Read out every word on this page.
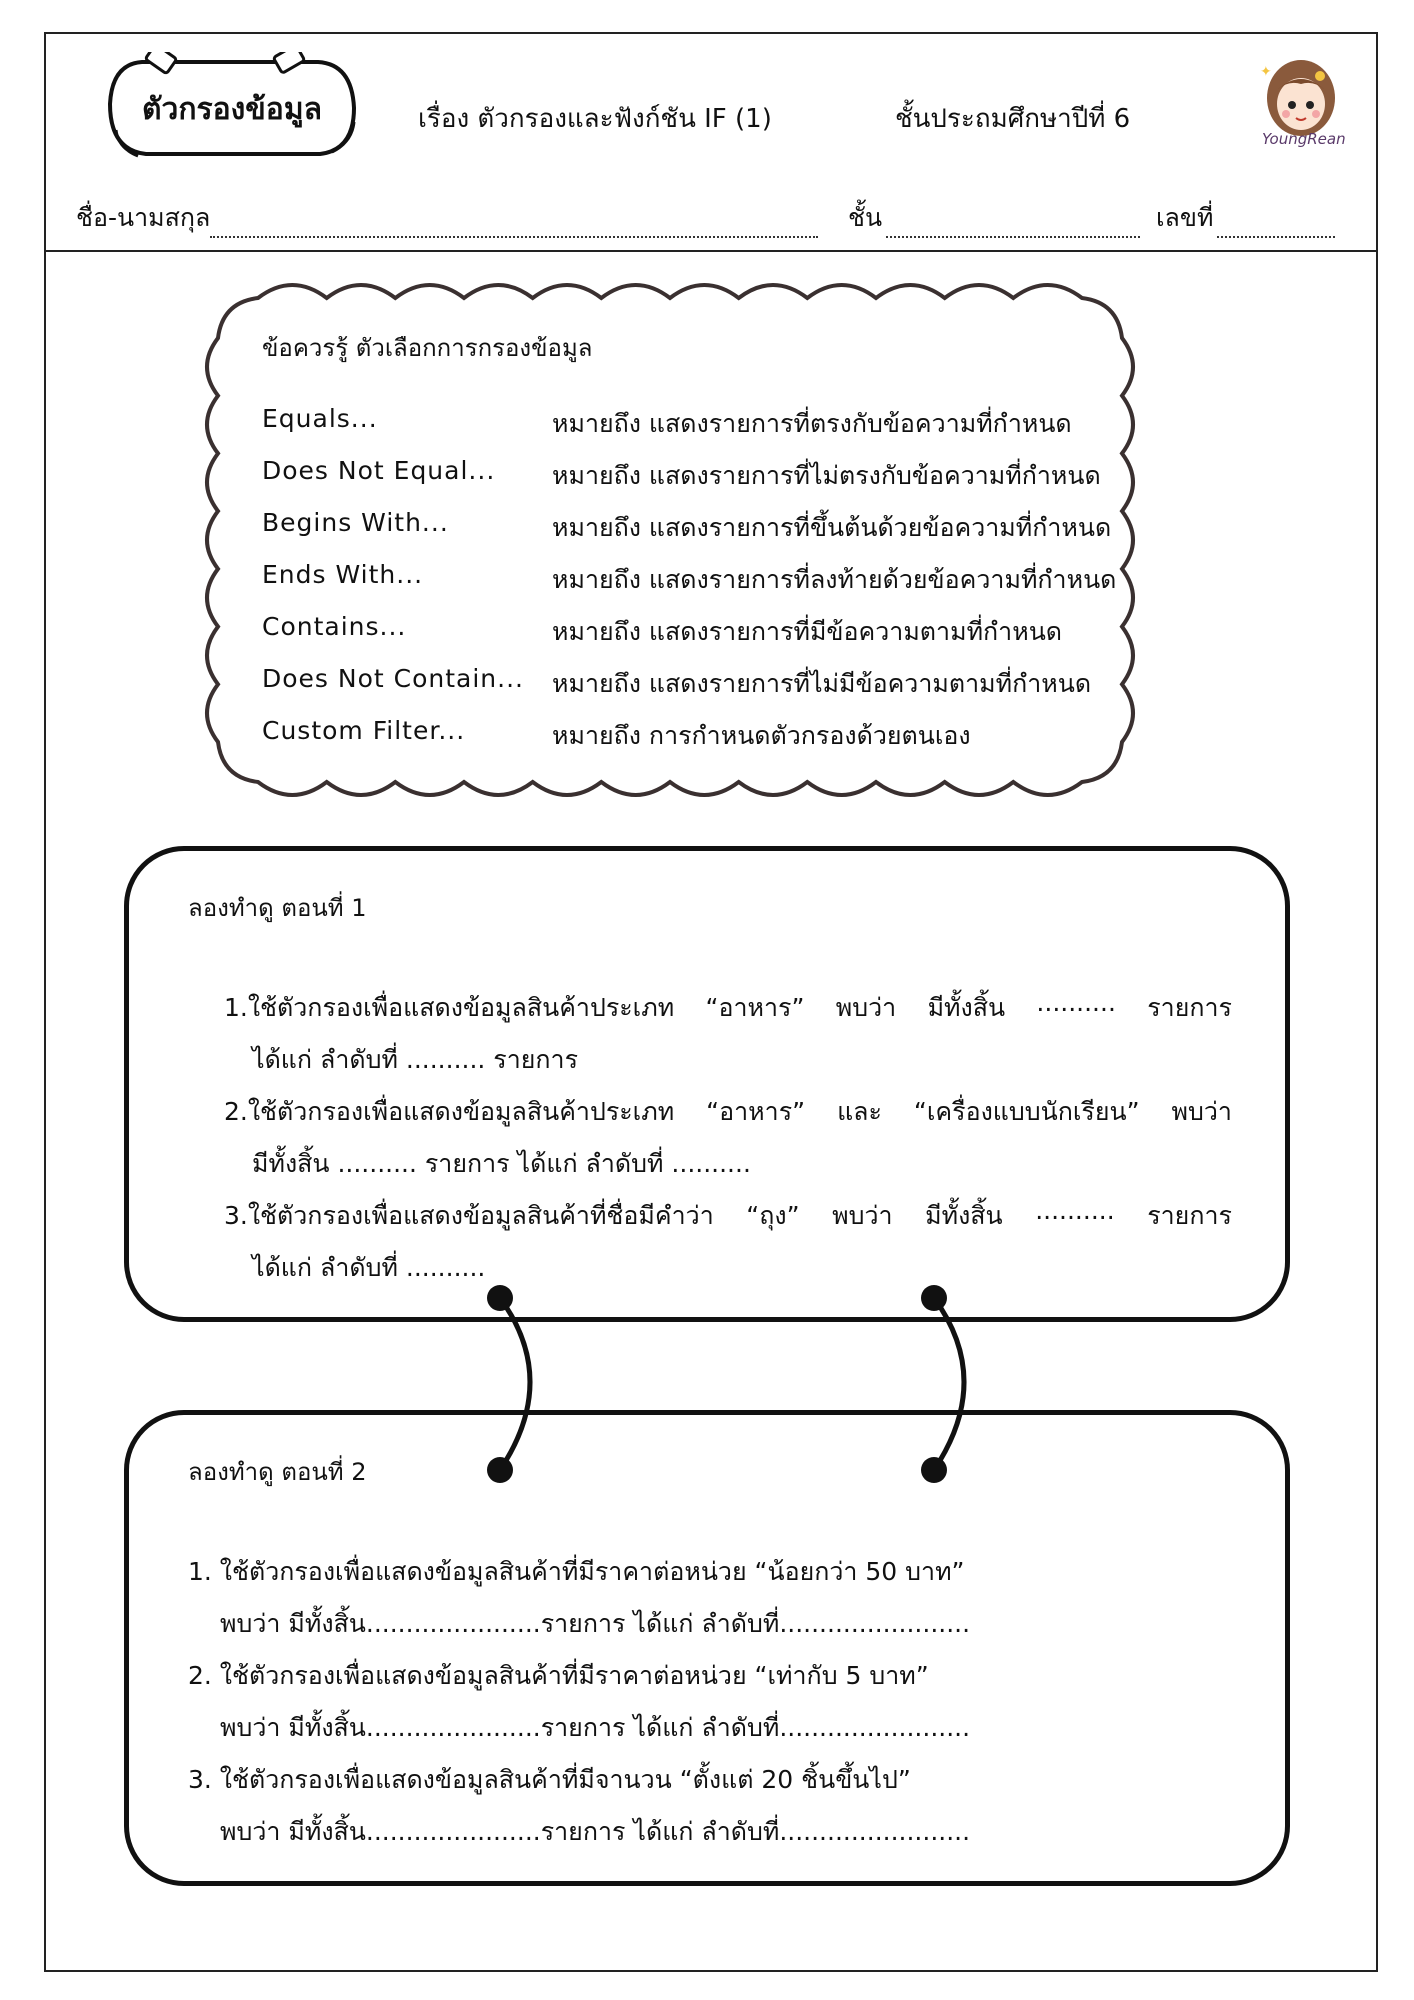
ตัวกรองข้อมูล	เรื่อง ตัวกรองและฟังก์ชัน IF (1)	ชั้นประถมศึกษาปีที่ 6
✦
YoungRean
ชื่อ-นามสกุล	ชั้น	เลขที่
ข้อควรรู้ ตัวเลือกการกรองข้อมูล
Equals...	หมายถึง แสดงรายการที่ตรงกับข้อความที่กำหนด
Does Not Equal...	หมายถึง แสดงรายการที่ไม่ตรงกับข้อความที่กำหนด
Begins With...	หมายถึง แสดงรายการที่ขึ้นต้นด้วยข้อความที่กำหนด
Ends With...	หมายถึง แสดงรายการที่ลงท้ายด้วยข้อความที่กำหนด
Contains...	หมายถึง แสดงรายการที่มีข้อความตามที่กำหนด
Does Not Contain...	หมายถึง แสดงรายการที่ไม่มีข้อความตามที่กำหนด
Custom Filter...	หมายถึง การกำหนดตัวกรองด้วยตนเอง
ลองทำดู ตอนที่ 1
1.ใช้ตัวกรองเพื่อแสดงข้อมูลสินค้าประเภท “อาหาร” พบว่า มีทั้งสิ้น .......... รายการ
ได้แก่ ลำดับที่ .......... รายการ
2.ใช้ตัวกรองเพื่อแสดงข้อมูลสินค้าประเภท “อาหาร” และ “เครื่องแบบนักเรียน” พบว่า
มีทั้งสิ้น .......... รายการ ได้แก่ ลำดับที่ ..........
3.ใช้ตัวกรองเพื่อแสดงข้อมูลสินค้าที่ชื่อมีคำว่า “ถุง” พบว่า มีทั้งสิ้น .......... รายการ
ได้แก่ ลำดับที่ ..........
ลองทำดู ตอนที่ 2
1. ใช้ตัวกรองเพื่อแสดงข้อมูลสินค้าที่มีราคาต่อหน่วย “น้อยกว่า 50 บาท”
พบว่า มีทั้งสิ้น......................รายการ ได้แก่ ลำดับที่........................
2. ใช้ตัวกรองเพื่อแสดงข้อมูลสินค้าที่มีราคาต่อหน่วย “เท่ากับ 5 บาท”
พบว่า มีทั้งสิ้น......................รายการ ได้แก่ ลำดับที่........................
3. ใช้ตัวกรองเพื่อแสดงข้อมูลสินค้าที่มีจานวน “ตั้งแต่ 20 ชิ้นขึ้นไป”
พบว่า มีทั้งสิ้น......................รายการ ได้แก่ ลำดับที่........................
